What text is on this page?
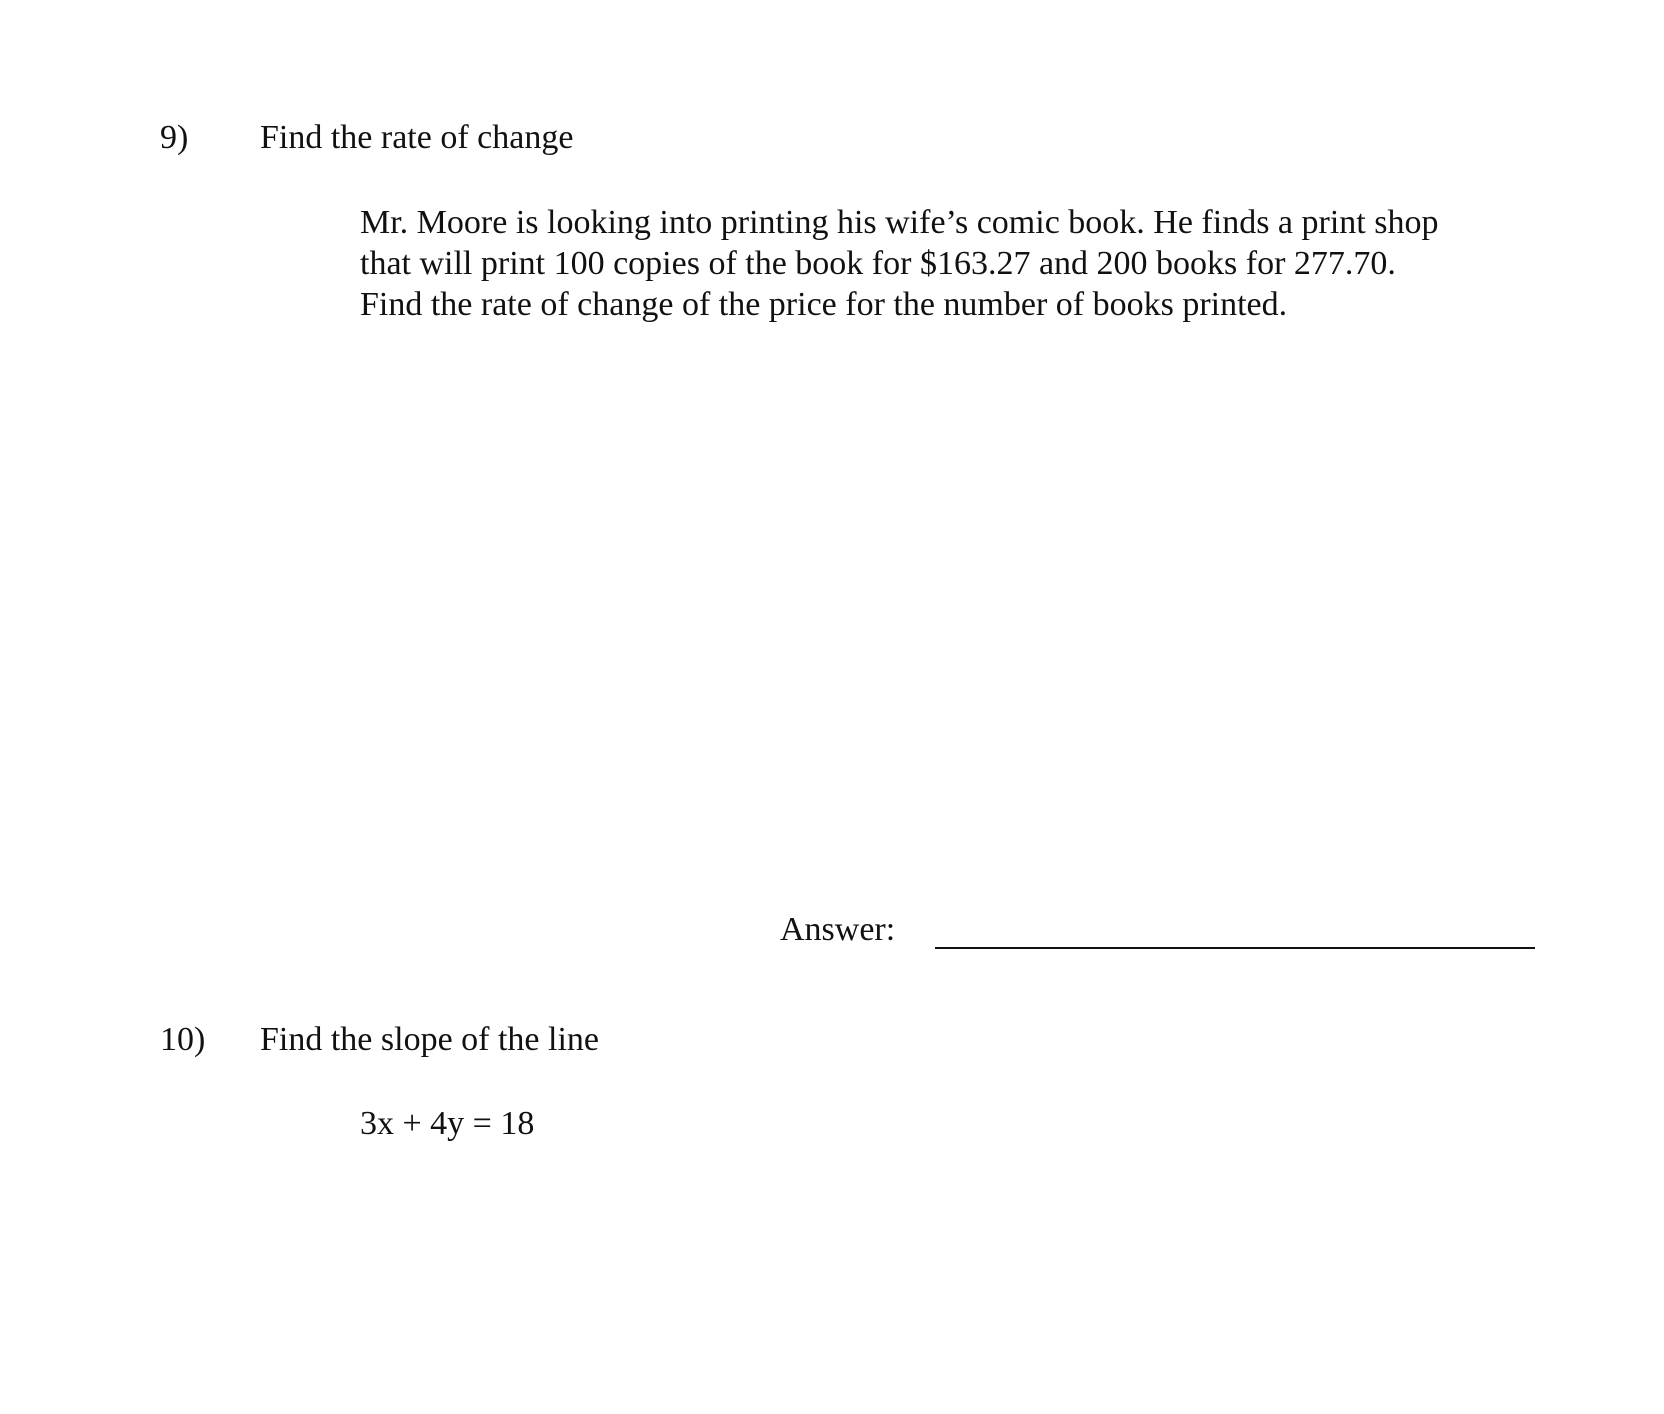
9) Find the rate of change
Mr. Moore is looking into printing his wife’s comic book. He finds a print shop
that will print 100 copies of the book for $163.27 and 200 books for 277.70.
Find the rate of change of the price for the number of books printed.
Answer:
10) Find the slope of the line
3x + 4y = 18
